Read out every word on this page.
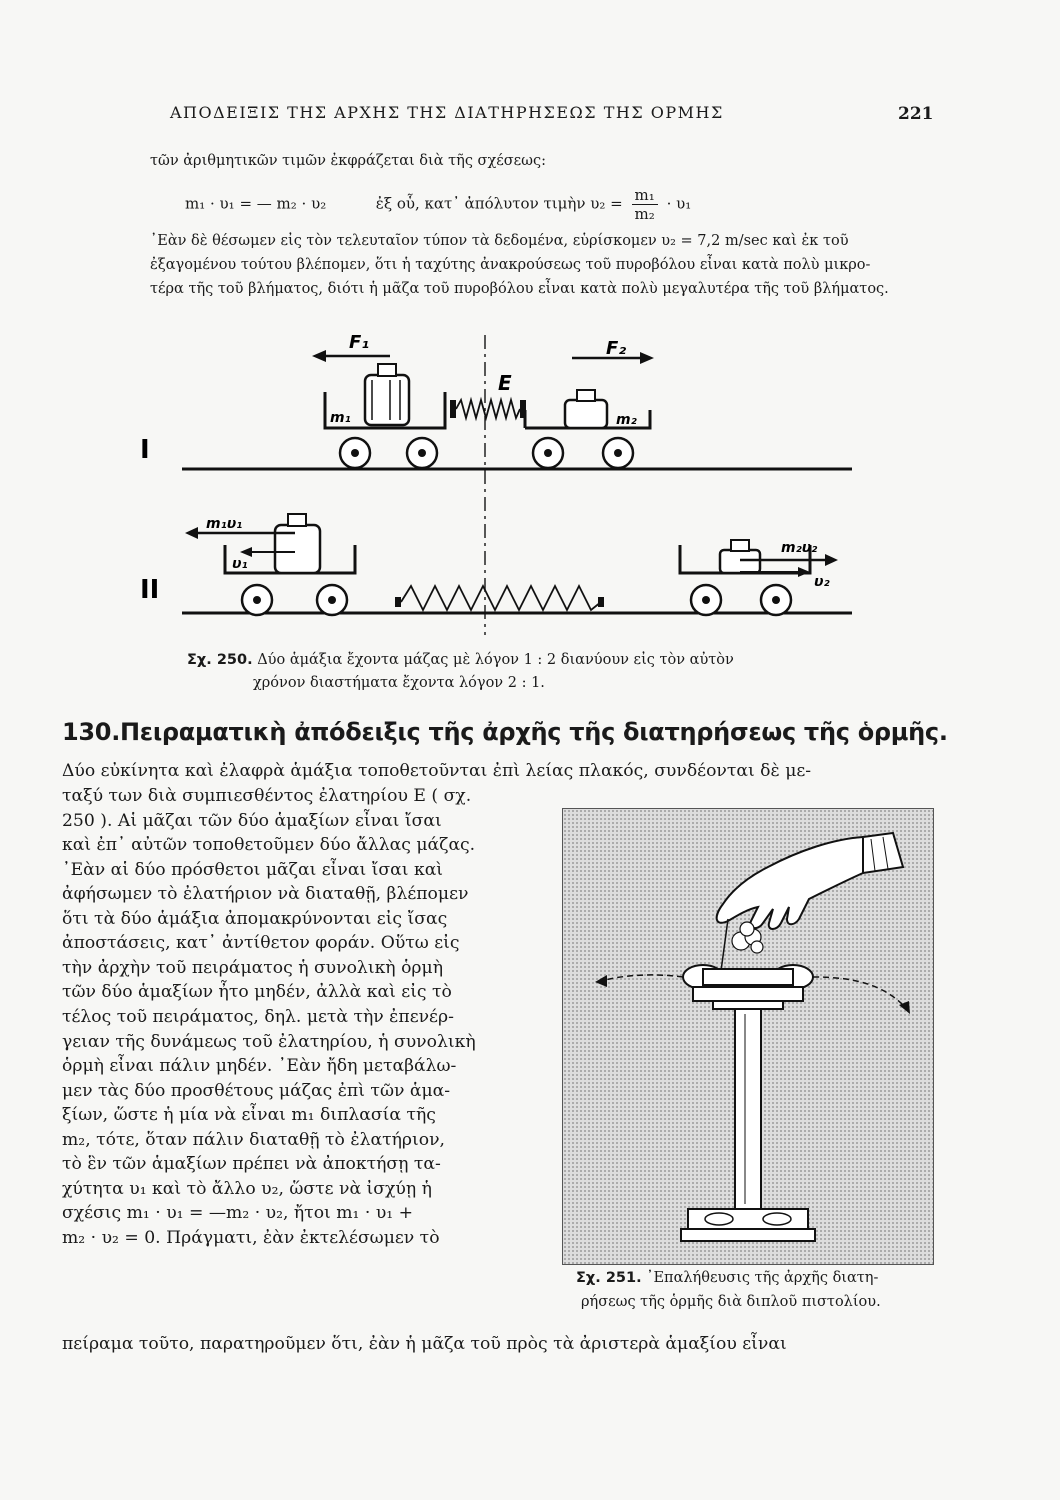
ΑΠΟΔΕΙΞΙΣ ΤΗΣ ΑΡΧΗΣ ΤΗΣ ΔΙΑΤΗΡΗΣΕΩΣ ΤΗΣ ΟΡΜΗΣ	221
τῶν ἀριθμητικῶν τιμῶν ἐκφράζεται διὰ τῆς σχέσεως:
m₁ · υ₁ = — m₂ · υ₂	ἐξ οὗ, κατ᾽ ἀπόλυτον τιμὴν $\upsilon_2 = \frac{\text{m₁}}{\text{m₂}} \cdot \upsilon_1$
᾽Εὰν δὲ θέσωμεν εἰς τὸν τελευταῖον τύπον τὰ δεδομένα, εὑρίσκομεν υ₂ = 7,2 m/sec καὶ ἐκ τοῦ
ἐξαγομένου τούτου βλέπομεν, ὅτι ἡ ταχύτης ἀνακρούσεως τοῦ πυροβόλου εἶναι κατὰ πολὺ μικρο-
τέρα τῆς τοῦ βλήματος, διότι ἡ μᾶζα τοῦ πυροβόλου εἶναι κατὰ πολὺ μεγαλυτέρα τῆς τοῦ βλήματος.
I
F₁	F₂
E
m₁	m₂
II
m₁υ₁
υ₁
m₂υ₂
υ₂
Σχ. 250. Δύο ἁμάξια ἔχοντα μάζας μὲ λόγον 1 : 2 διανύουν εἰς τὸν αὐτὸν
χρόνον διαστήματα ἔχοντα λόγον 2 : 1.
130.Πειραματικὴ ἀπόδειξις τῆς ἀρχῆς τῆς διατηρήσεως τῆς ὁρμῆς.
Δύο εὐκίνητα καὶ ἐλαφρὰ ἁμάξια τοποθετοῦνται ἐπὶ λείας πλακός, συνδέονται δὲ με-
ταξύ των διὰ συμπιεσθέντος ἐλατηρίου Ε ( σχ.
250 ). Αἱ μᾶζαι τῶν δύο ἁμαξίων εἶναι ἴσαι
καὶ ἐπ᾽ αὐτῶν τοποθετοῦμεν δύο ἄλλας μάζας.
᾽Εὰν αἱ δύο πρόσθετοι μᾶζαι εἶναι ἴσαι καὶ
ἀφήσωμεν τὸ ἐλατήριον νὰ διαταθῇ, βλέπομεν
ὅτι τὰ δύο ἁμάξια ἀπομακρύνονται εἰς ἴσας
ἀποστάσεις, κατ᾽ ἀντίθετον φοράν. Οὕτω εἰς
τὴν ἀρχὴν τοῦ πειράματος ἡ συνολικὴ ὁρμὴ
τῶν δύο ἁμαξίων ἦτο μηδέν, ἀλλὰ καὶ εἰς τὸ
τέλος τοῦ πειράματος, δηλ. μετὰ τὴν ἐπενέρ-
γειαν τῆς δυνάμεως τοῦ ἐλατηρίου, ἡ συνολικὴ
ὁρμὴ εἶναι πάλιν μηδέν. ᾽Εὰν ἤδη μεταβάλω-
μεν τὰς δύο προσθέτους μάζας ἐπὶ τῶν ἁμα-
ξίων, ὥστε ἡ μία νὰ εἶναι m₁ διπλασία τῆς
m₂, τότε, ὅταν πάλιν διαταθῇ τὸ ἐλατήριον,
τὸ ἓν τῶν ἁμαξίων πρέπει νὰ ἀποκτήσῃ τα-
χύτητα υ₁ καὶ τὸ ἄλλο υ₂, ὥστε νὰ ἰσχύῃ ἡ
σχέσις m₁ · υ₁ = —m₂ · υ₂, ἤτοι m₁ · υ₁ +
m₂ · υ₂ = 0. Πράγματι, ἐὰν ἐκτελέσωμεν τὸ
πείραμα τοῦτο, παρατηροῦμεν ὅτι, ἐὰν ἡ μᾶζα τοῦ πρὸς τὰ ἀριστερὰ ἁμαξίου εἶναι
Σχ. 251. ᾽Επαλήθευσις τῆς ἀρχῆς διατη-
ρήσεως τῆς ὁρμῆς διὰ διπλοῦ πιστολίου.
